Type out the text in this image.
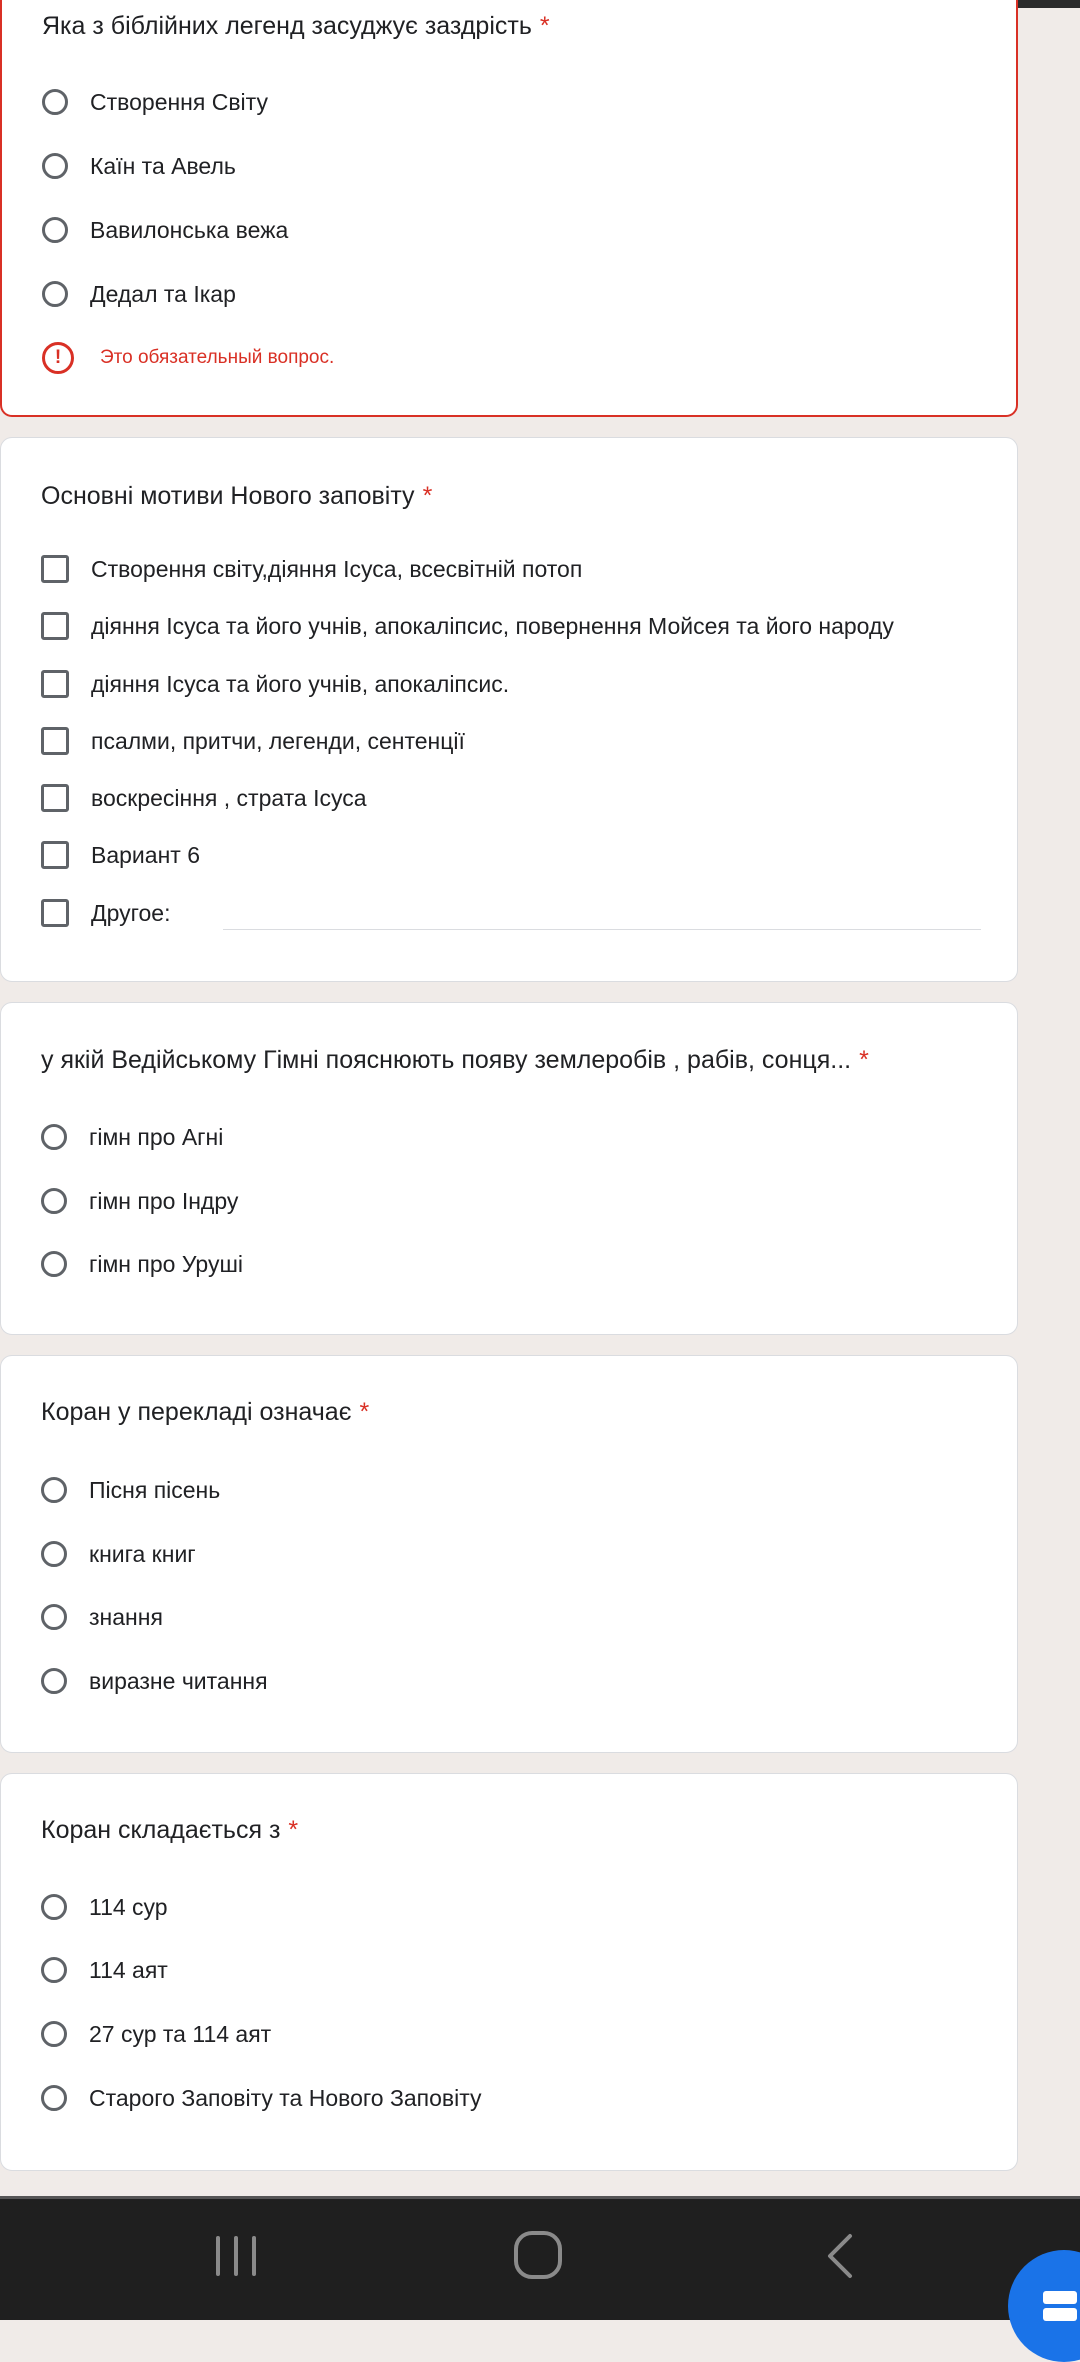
Яка з біблійних легенд засуджує заздрість *
Створення Світу
Каїн та Авель
Вавилонська вежа
Дедал та Ікар
!	Это обязательный вопрос.
Основні мотиви Нового заповіту *
Створення світу,діяння Ісуса, всесвітній потоп
діяння Ісуса та його учнів, апокаліпсис, повернення Мойсея та його народу
діяння Ісуса та його учнів, апокаліпсис.
псалми, притчи, легенди, сентенції
воскресіння , страта Ісуса
Вариант 6
Другое:
у якій Ведійському Гімні пояснюють появу землеробів , рабів, сонця... *
гімн про Агні
гімн про Індру
гімн про Уруші
Коран у перекладі означає *
Пісня пісень
книга книг
знання
виразне читання
Коран складається з *
114 сур
114 аят
27 сур та 114 аят
Старого Заповіту та Нового Заповіту
